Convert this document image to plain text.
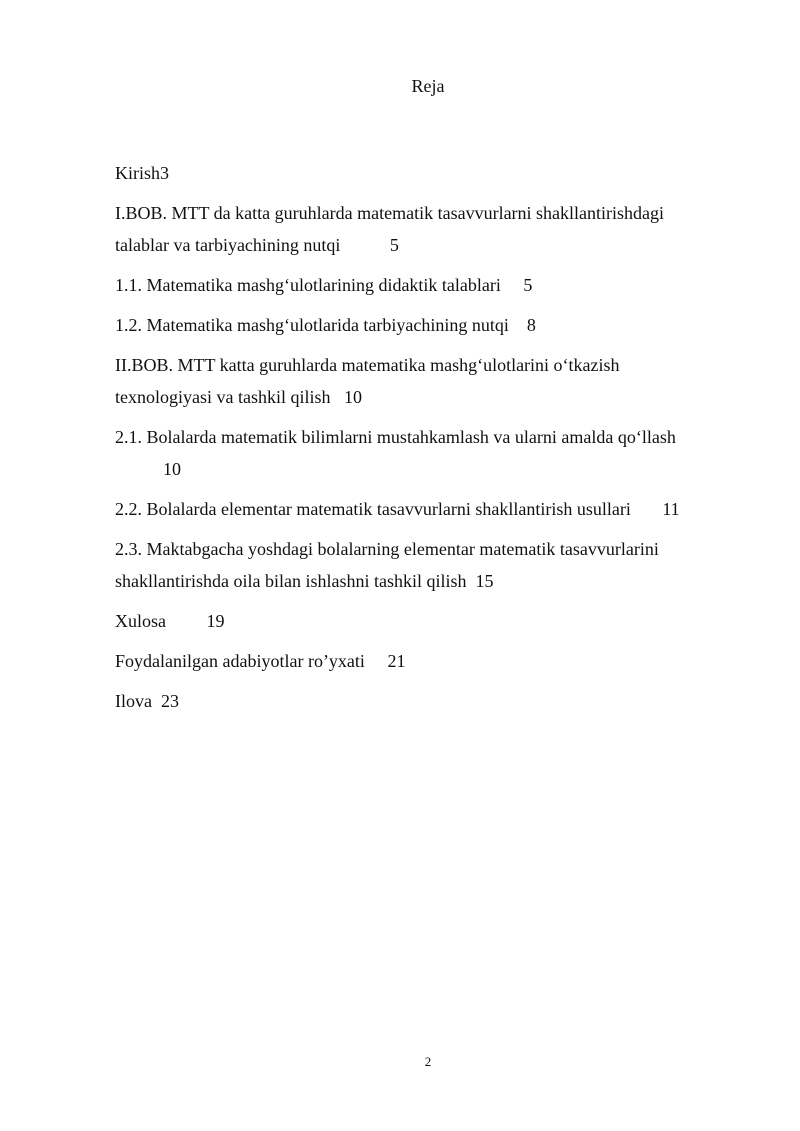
Reja

Kirish3

I.BOB. MTT da katta guruhlarda matematik tasavvurlarni shakllantirishdagi talablar va tarbiyachining nutqi	5

1.1. Matematika mashg‘ulotlarining didaktik talablari 5

1.2. Matematika mashg‘ulotlarida tarbiyachining nutqi 8

II.BOB. MTT katta guruhlarda matematika mashg‘ulotlarini o‘tkazish texnologiyasi va tashkil qilish 10

2.1. Bolalarda matematik bilimlarni mustahkamlash va ularni amalda qo‘llash
10

2.2. Bolalarda elementar matematik tasavvurlarni shakllantirish usullari 11

2.3. Maktabgacha yoshdagi bolalarning elementar matematik tasavvurlarini shakllantirishda oila bilan ishlashni tashkil qilish 15

Xulosa 19

Foydalanilgan adabiyotlar ro’yxati 21

Ilova 23

2
